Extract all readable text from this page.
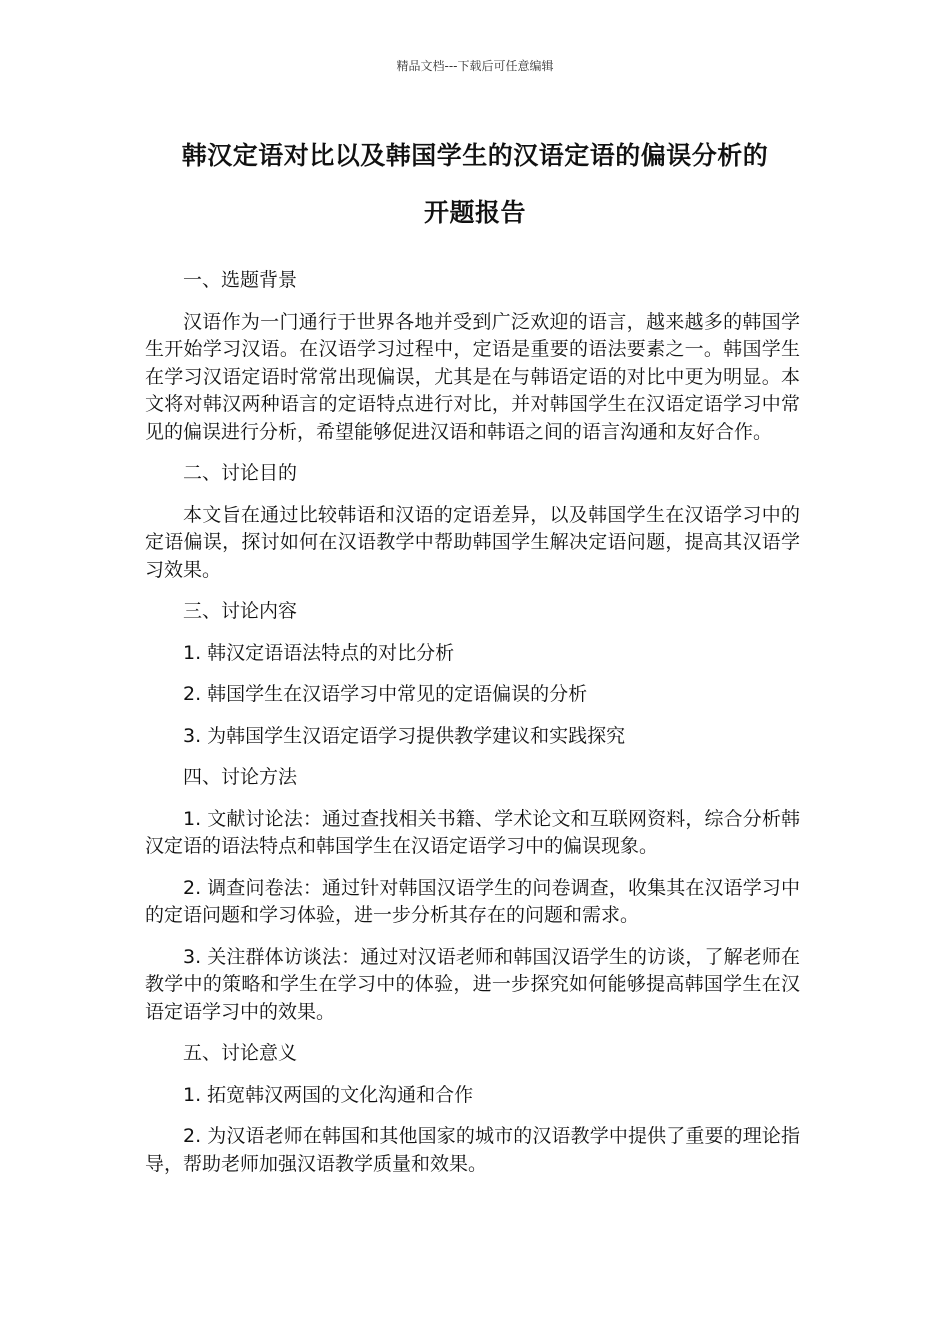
精品文档---下载后可任意编辑
韩汉定语对比以及韩国学生的汉语定语的偏误分析的
开题报告

一、选题背景

汉语作为一门通行于世界各地并受到广泛欢迎的语言，越来越多的韩国学生开始学习汉语。在汉语学习过程中，定语是重要的语法要素之一。韩国学生在学习汉语定语时常常出现偏误，尤其是在与韩语定语的对比中更为明显。本文将对韩汉两种语言的定语特点进行对比，并对韩国学生在汉语定语学习中常见的偏误进行分析，希望能够促进汉语和韩语之间的语言沟通和友好合作。

二、讨论目的

本文旨在通过比较韩语和汉语的定语差异，以及韩国学生在汉语学习中的定语偏误，探讨如何在汉语教学中帮助韩国学生解决定语问题，提高其汉语学习效果。

三、讨论内容

1. 韩汉定语语法特点的对比分析

2. 韩国学生在汉语学习中常见的定语偏误的分析

3. 为韩国学生汉语定语学习提供教学建议和实践探究

四、讨论方法

1. 文献讨论法：通过查找相关书籍、学术论文和互联网资料，综合分析韩汉定语的语法特点和韩国学生在汉语定语学习中的偏误现象。

2. 调查问卷法：通过针对韩国汉语学生的问卷调查，收集其在汉语学习中的定语问题和学习体验，进一步分析其存在的问题和需求。

3. 关注群体访谈法：通过对汉语老师和韩国汉语学生的访谈，了解老师在教学中的策略和学生在学习中的体验，进一步探究如何能够提高韩国学生在汉语定语学习中的效果。

五、讨论意义

1. 拓宽韩汉两国的文化沟通和合作

2. 为汉语老师在韩国和其他国家的城市的汉语教学中提供了重要的理论指导，帮助老师加强汉语教学质量和效果。
